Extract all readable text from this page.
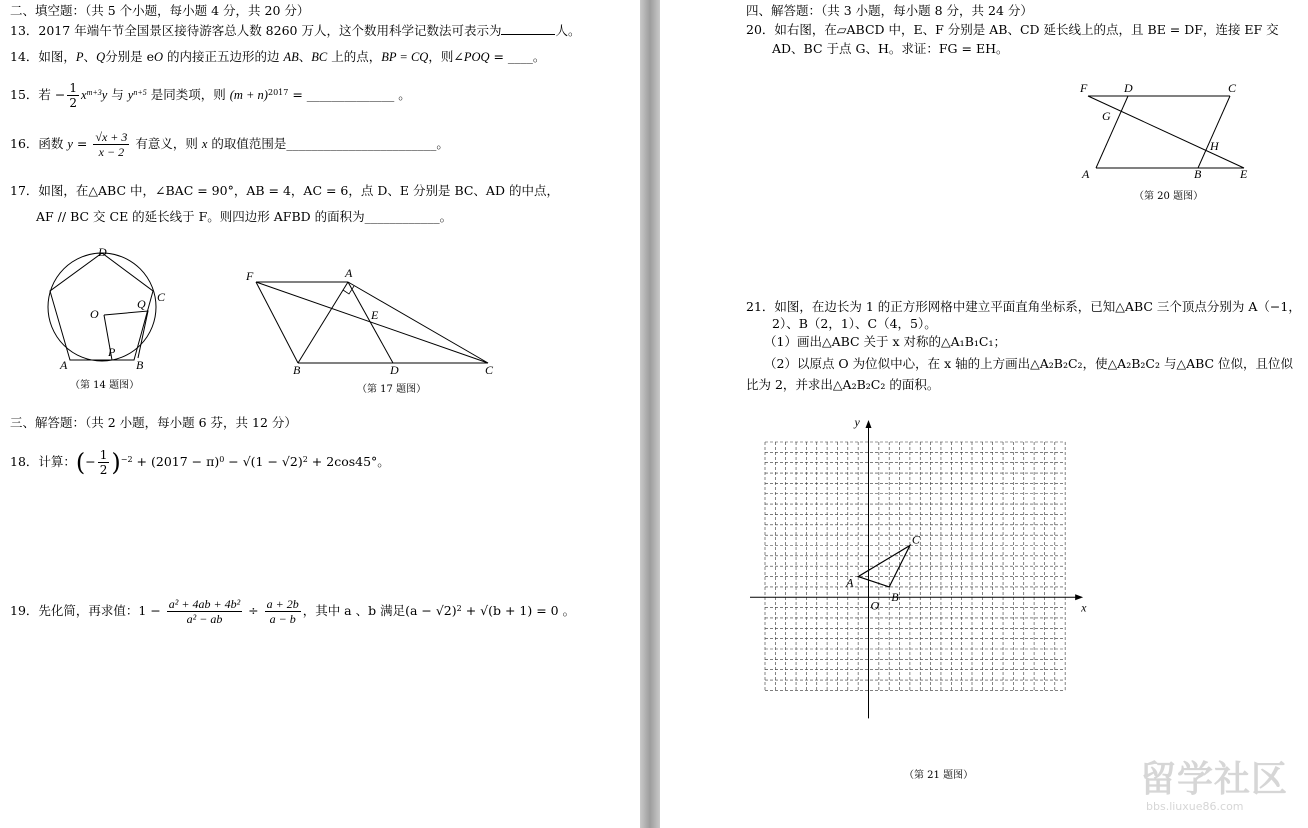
二、填空题：（共 5 个小题，每小题 4 分，共 20 分）
13．2017 年端午节全国景区接待游客总人数 8260 万人，这个数用科学记数法可表示为	人。
14．如图，P、Q分别是 eO 的内接正五边形的边 AB、BC 上的点，BP = CQ，则∠POQ = ____。
15．若 − $\frac{1}{2} x^{m+3}y$ 与 $y^{n+5}$ 是同类项，则 $(m + n)^{2017}$ = ______________ 。
16．函数 $y = \frac{√x + 3}{x - 2}$ 有意义，则 x 的取值范围是________________________。
17．如图，在△ABC 中，∠BAC = 90°，AB = 4，AC = 6，点 D、E 分别是 BC、AD 的中点，
AF // BC 交 CE 的延长线于 F。则四边形 AFBD 的面积为____________。
D
C
Q
O
P
A	B
（第 14 题图）
F	A
E
B	D	C
（第 17 题图）
三、解答题：（共 2 小题，每小题 6 芬，共 12 分）
18．计算：(− $\frac{1}{2} )^{-2} + (2017 - \pi)^0 - √(1 - √2)^2 + 2\cos 45^\circ$。
19．先化简，再求值：$1 - \frac{\text{a² + 4ab + 4b²}}{\text{a² − ab}} \div \frac{a + 2b}{a - b}$ ，其中 a 、b 满足$(a - √2)^2 + √(b + 1) = 0$ 。
四、解答题：（共 3 小题，每小题 8 分，共 24 分）
20．如右图，在▱ABCD 中，E、F 分别是 AB、CD 延长线上的点，且 BE = DF，连接 EF 交
AD、BC 于点 G、H。求证：FG = EH。
F	D	C
G
H
A	B	E
（第 20 题图）
21．如图，在边长为 1 的正方形网格中建立平面直角坐标系，已知△ABC 三个顶点分别为 A（−1，
2）、B（2，1）、C（4，5）。
（1）画出△ABC 关于 x 对称的△A₁B₁C₁；
（2）以原点 O 为位似中心，在 x 轴的上方画出△A₂B₂C₂，使△A₂B₂C₂ 与△ABC 位似，且位似
比为 2，并求出△A₂B₂C₂ 的面积。
x
y
O
A
B
C
（第 21 题图）	留学社区
bbs.liuxue86.com
